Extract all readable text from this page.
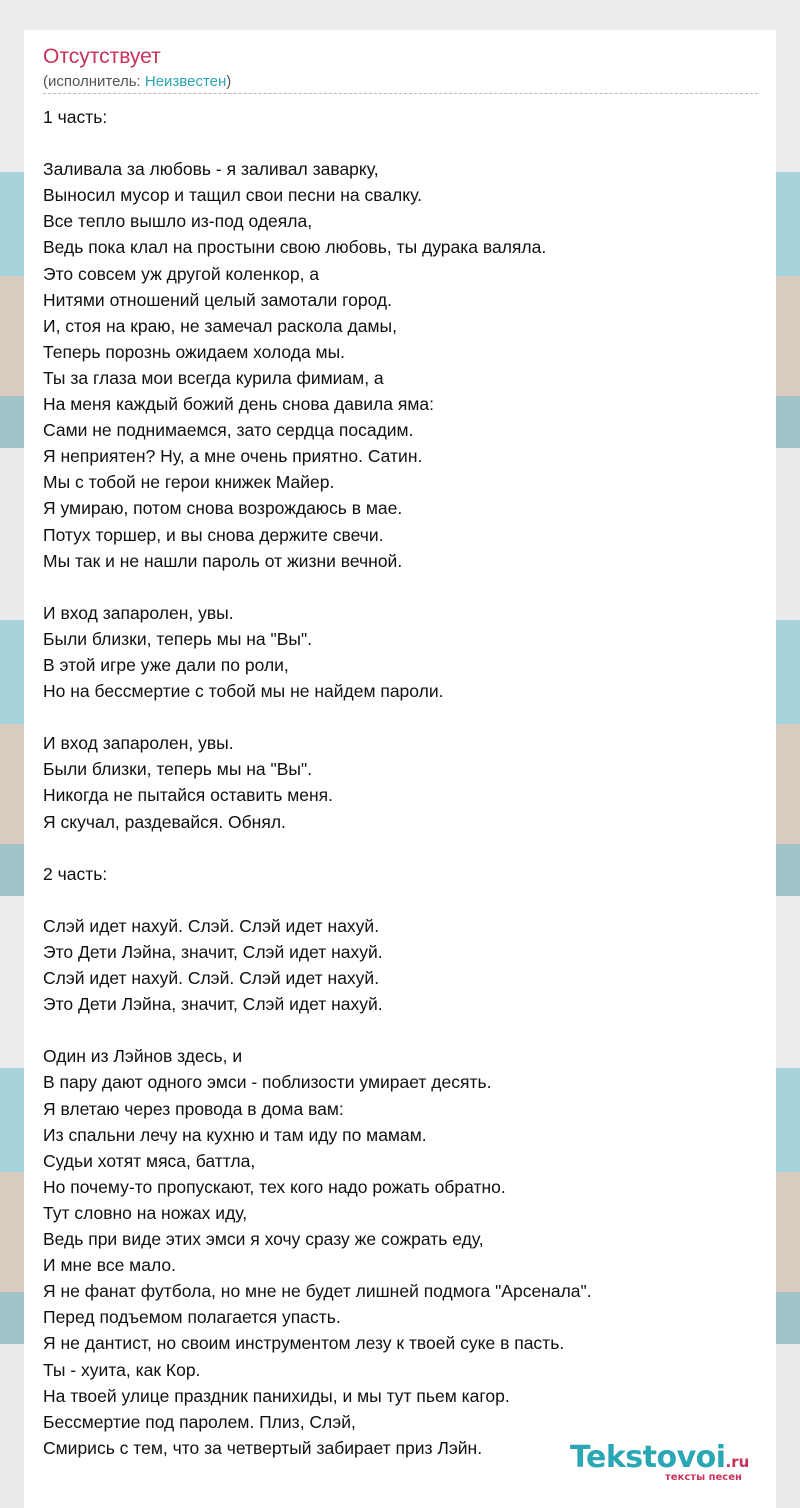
Отсутствует
(исполнитель: Неизвестен)
1 часть:
Заливала за любовь - я заливал заварку,
Выносил мусор и тащил свои песни на свалку.
Все тепло вышло из-под одеяла,
Ведь пока клал на простыни свою любовь, ты дурака валяла.
Это совсем уж другой коленкор, а
Нитями отношений целый замотали город.
И, стоя на краю, не замечал раскола дамы,
Теперь порознь ожидаем холода мы.
Ты за глаза мои всегда курила фимиам, а
На меня каждый божий день снова давила яма:
Сами не поднимаемся, зато сердца посадим.
Я неприятен? Ну, а мне очень приятно. Сатин.
Мы с тобой не герои книжек Майер.
Я умираю, потом снова возрождаюсь в мае.
Потух торшер, и вы снова держите свечи.
Мы так и не нашли пароль от жизни вечной.
И вход запаролен, увы.
Были близки, теперь мы на "Вы".
В этой игре уже дали по роли,
Но на бессмертие с тобой мы не найдем пароли.
И вход запаролен, увы.
Были близки, теперь мы на "Вы".
Никогда не пытайся оставить меня.
Я скучал, раздевайся. Обнял.
2 часть:
Слэй идет нахуй. Слэй. Слэй идет нахуй.
Это Дети Лэйна, значит, Слэй идет нахуй.
Слэй идет нахуй. Слэй. Слэй идет нахуй.
Это Дети Лэйна, значит, Слэй идет нахуй.
Один из Лэйнов здесь, и
В пару дают одного эмси - поблизости умирает десять.
Я влетаю через провода в дома вам:
Из спальни лечу на кухню и там иду по мамам.
Судьи хотят мяса, баттла,
Но почему-то пропускают, тех кого надо рожать обратно.
Тут словно на ножах иду,
Ведь при виде этих эмси я хочу сразу же сожрать еду,
И мне все мало.
Я не фанат футбола, но мне не будет лишней подмога "Арсенала".
Перед подъемом полагается упасть.
Я не дантист, но своим инструментом лезу к твоей суке в пасть.
Ты - хуита, как Кор.
На твоей улице праздник панихиды, и мы тут пьем кагор.
Бессмертие под паролем. Плиз, Слэй,
Смирись с тем, что за четвертый забирает приз Лэйн.	Tekstovoi.ru
тексты песен
